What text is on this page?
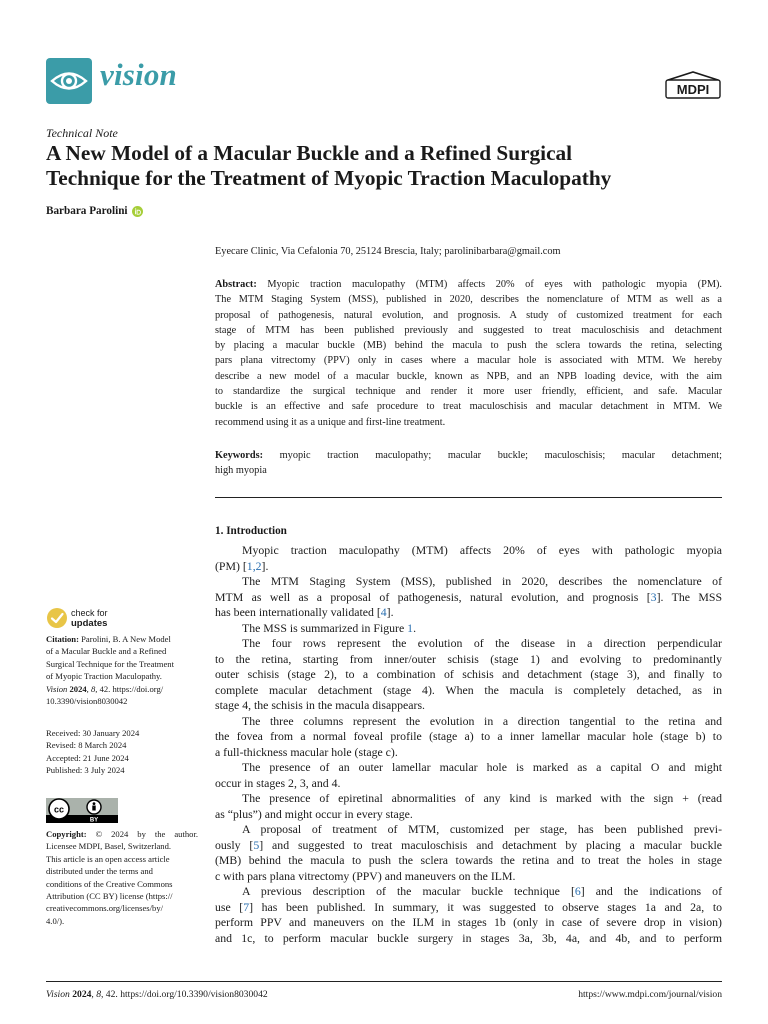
vision	MDPI
Technical Note
A New Model of a Macular Buckle and a Refined Surgical
Technique for the Treatment of Myopic Traction Maculopathy
Barbara Parolini
Eyecare Clinic, Via Cefalonia 70, 25124 Brescia, Italy; parolinibarbara@gmail.com
Abstract: Myopic traction maculopathy (MTM) affects 20% of eyes with pathologic myopia (PM).
The MTM Staging System (MSS), published in 2020, describes the nomenclature of MTM as well as a
proposal of pathogenesis, natural evolution, and prognosis. A study of customized treatment for each
stage of MTM has been published previously and suggested to treat maculoschisis and detachment
by placing a macular buckle (MB) behind the macula to push the sclera towards the retina, selecting
pars plana vitrectomy (PPV) only in cases where a macular hole is associated with MTM. We hereby
describe a new model of a macular buckle, known as NPB, and an NPB loading device, with the aim
to standardize the surgical technique and render it more user friendly, efficient, and safe. Macular
buckle is an effective and safe procedure to treat maculoschisis and macular detachment in MTM. We
recommend using it as a unique and first-line treatment.
Keywords: myopic traction maculopathy; macular buckle; maculoschisis; macular detachment;
high myopia
1. Introduction
Myopic traction maculopathy (MTM) affects 20% of eyes with pathologic myopia
(PM) [1,2].
The MTM Staging System (MSS), published in 2020, describes the nomenclature of
MTM as well as a proposal of pathogenesis, natural evolution, and prognosis [3]. The MSS
has been internationally validated [4].
The MSS is summarized in Figure 1.
The four rows represent the evolution of the disease in a direction perpendicular
to the retina, starting from inner/outer schisis (stage 1) and evolving to predominantly
outer schisis (stage 2), to a combination of schisis and detachment (stage 3), and finally to
complete macular detachment (stage 4). When the macula is completely detached, as in
stage 4, the schisis in the macula disappears.
The three columns represent the evolution in a direction tangential to the retina and
the fovea from a normal foveal profile (stage a) to a inner lamellar macular hole (stage b) to
a full-thickness macular hole (stage c).
The presence of an outer lamellar macular hole is marked as a capital O and might
occur in stages 2, 3, and 4.
The presence of epiretinal abnormalities of any kind is marked with the sign + (read
as “plus”) and might occur in every stage.
A proposal of treatment of MTM, customized per stage, has been published previ-
ously [5] and suggested to treat maculoschisis and detachment by placing a macular buckle
(MB) behind the macula to push the sclera towards the retina and to treat the holes in stage
c with pars plana vitrectomy (PPV) and maneuvers on the ILM.
A previous description of the macular buckle technique [6] and the indications of
use [7] has been published. In summary, it was suggested to observe stages 1a and 2a, to
perform PPV and maneuvers on the ILM in stages 1b (only in case of severe drop in vision)
and 1c, to perform macular buckle surgery in stages 3a, 3b, 4a, and 4b, and to perform
check for
updates
Citation: Parolini, B. A New Model
of a Macular Buckle and a Refined
Surgical Technique for the Treatment
of Myopic Traction Maculopathy.
Vision 2024, 8, 42. https://doi.org/
10.3390/vision8030042
Received: 30 January 2024
Revised: 8 March 2024
Accepted: 21 June 2024
Published: 3 July 2024
cc
BY
Copyright: © 2024 by the author.
Licensee MDPI, Basel, Switzerland.
This article is an open access article
distributed under the terms and
conditions of the Creative Commons
Attribution (CC BY) license (https://
creativecommons.org/licenses/by/
4.0/).
Vision 2024, 8, 42. https://doi.org/10.3390/vision8030042	https://www.mdpi.com/journal/vision
